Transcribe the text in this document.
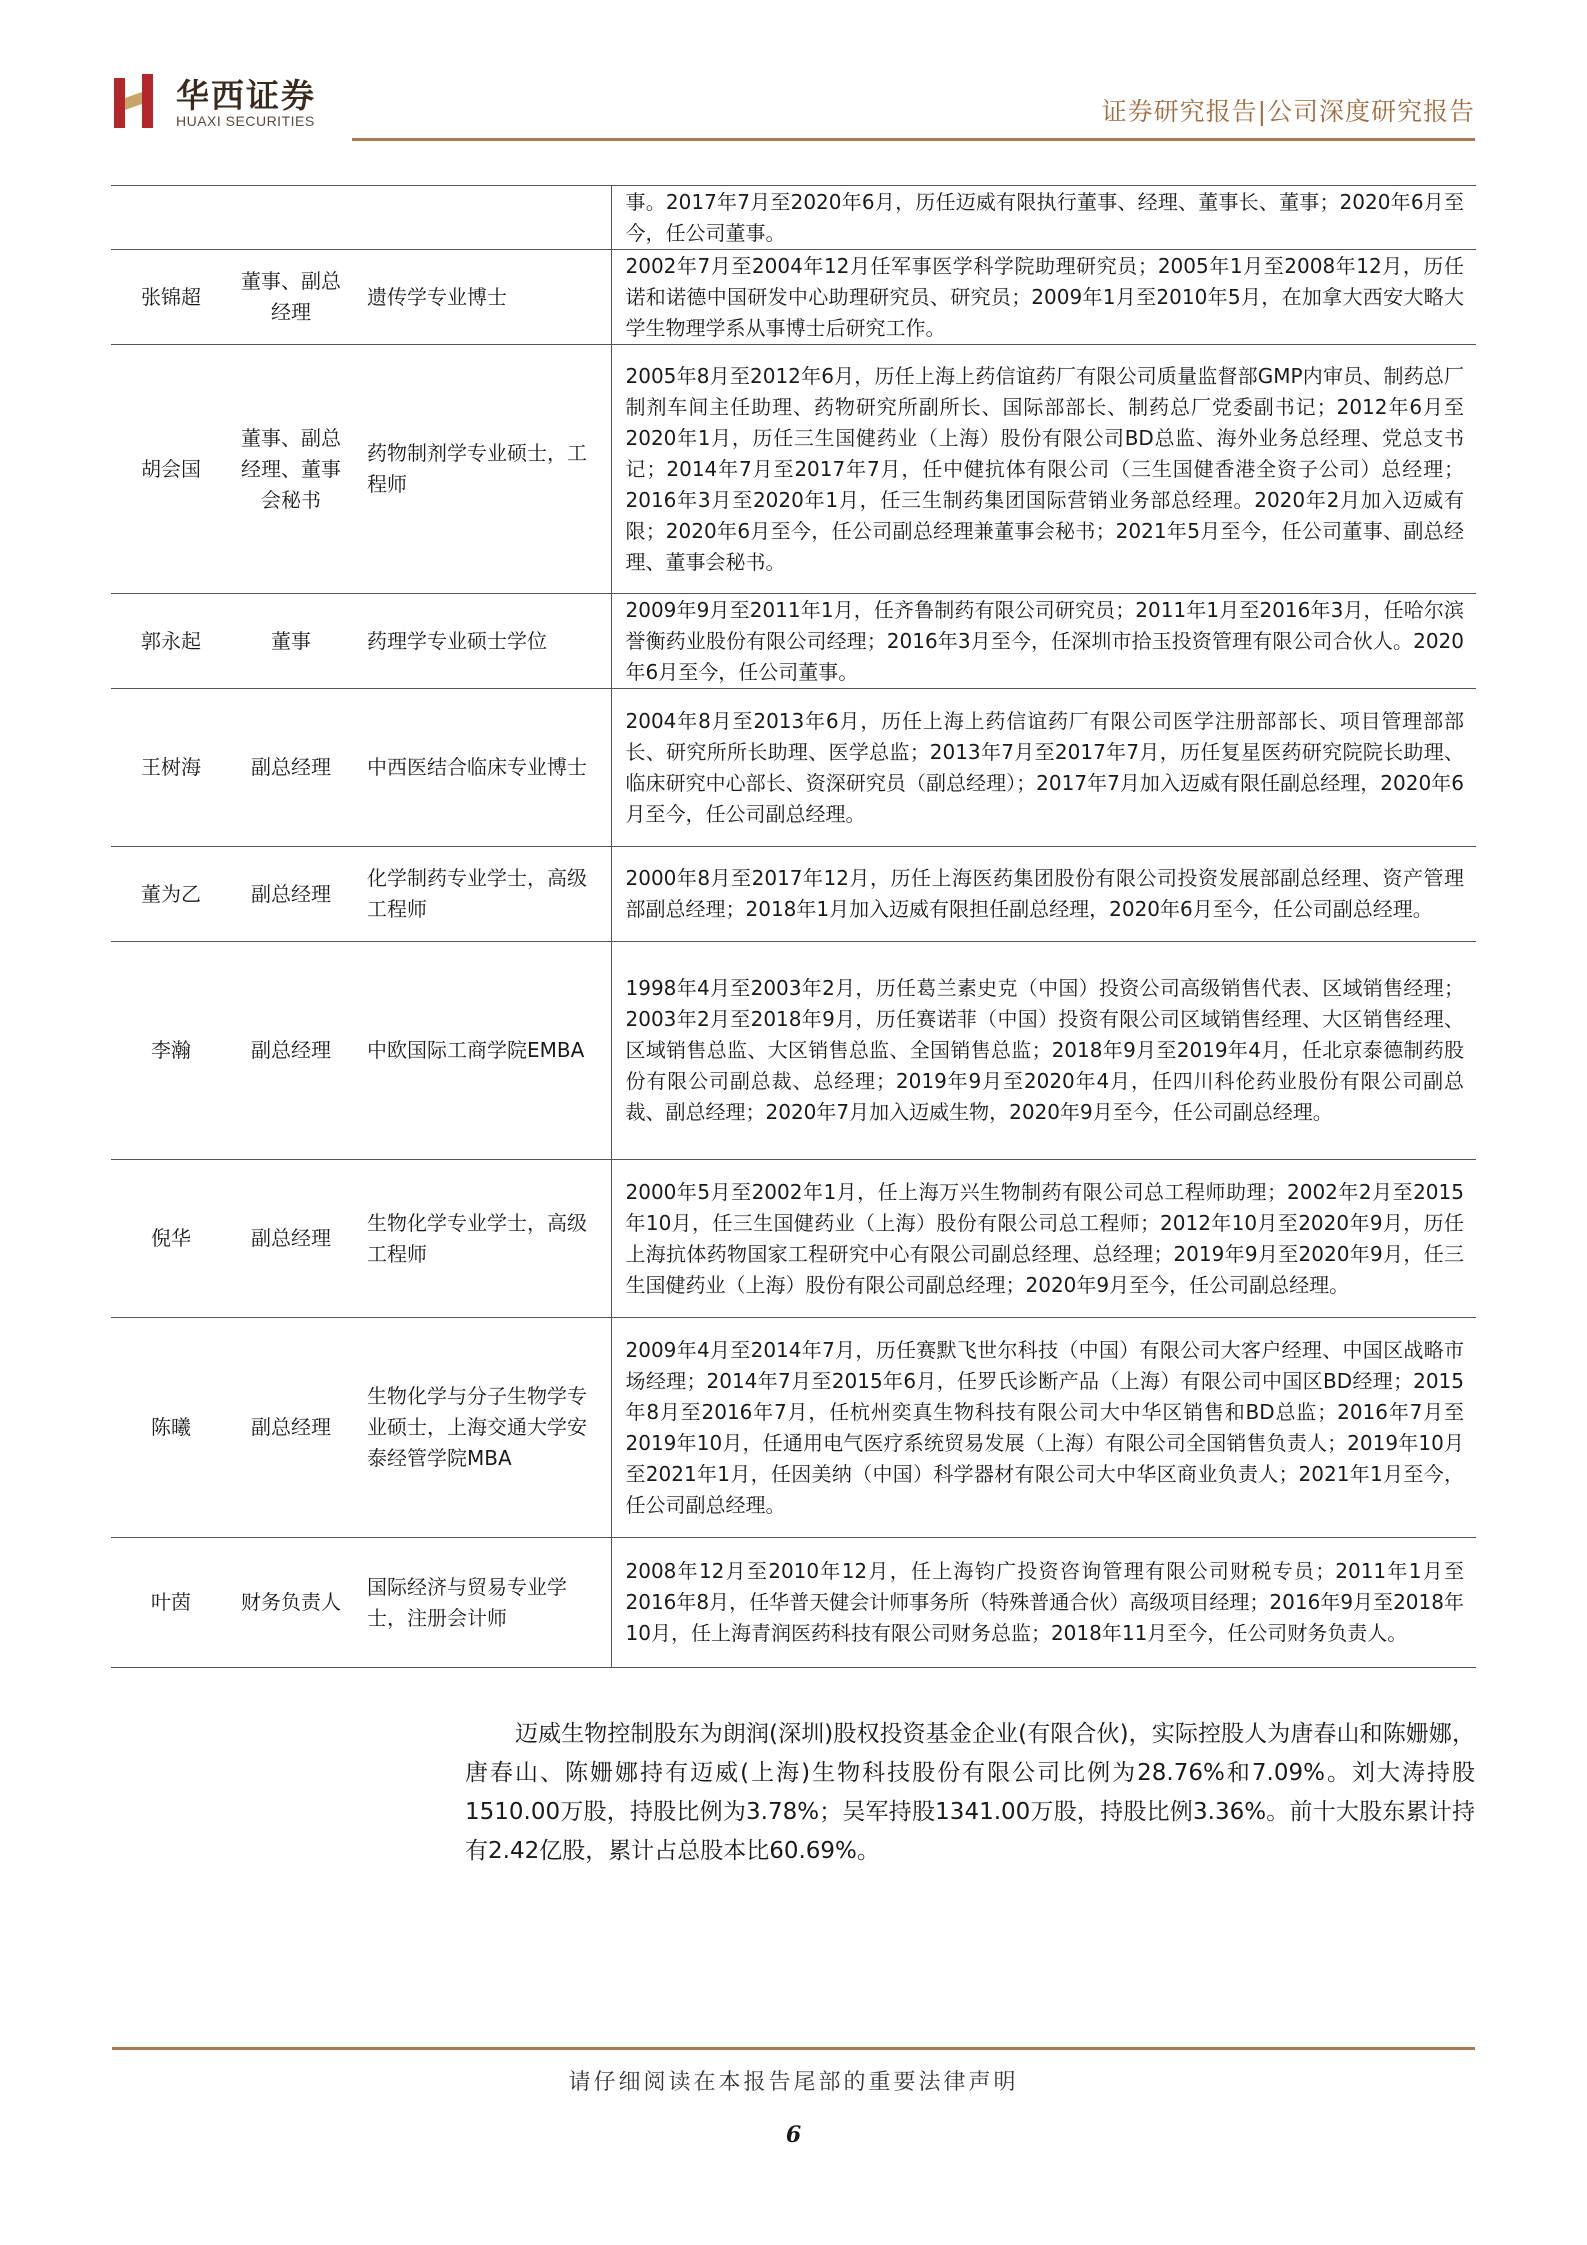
华西证券
HUAXI SECURITIES	证券研究报告|公司深度研究报告
			事。2017年7月至2020年6月，历任迈威有限执行董事、经理、董事长、董事；2020年6月至今，任公司董事。
张锦超	董事、副总经理	遗传学专业博士	2002年7月至2004年12月任军事医学科学院助理研究员；2005年1月至2008年12月，历任诺和诺德中国研发中心助理研究员、研究员；2009年1月至2010年5月，在加拿大西安大略大学生物理学系从事博士后研究工作。
胡会国	董事、副总经理、董事会秘书	药物制剂学专业硕士，工程师	2005年8月至2012年6月，历任上海上药信谊药厂有限公司质量监督部GMP内审员、制药总厂制剂车间主任助理、药物研究所副所长、国际部部长、制药总厂党委副书记；2012年6月至2020年1月，历任三生国健药业（上海）股份有限公司BD总监、海外业务总经理、党总支书记；2014年7月至2017年7月，任中健抗体有限公司（三生国健香港全资子公司）总经理；2016年3月至2020年1月，任三生制药集团国际营销业务部总经理。2020年2月加入迈威有限；2020年6月至今，任公司副总经理兼董事会秘书；2021年5月至今，任公司董事、副总经理、董事会秘书。
郭永起	董事	药理学专业硕士学位	2009年9月至2011年1月，任齐鲁制药有限公司研究员；2011年1月至2016年3月，任哈尔滨誉衡药业股份有限公司经理；2016年3月至今，任深圳市拾玉投资管理有限公司合伙人。2020年6月至今，任公司董事。
王树海	副总经理	中西医结合临床专业博士	2004年8月至2013年6月，历任上海上药信谊药厂有限公司医学注册部部长、项目管理部部长、研究所所长助理、医学总监；2013年7月至2017年7月，历任复星医药研究院院长助理、临床研究中心部长、资深研究员（副总经理）；2017年7月加入迈威有限任副总经理，2020年6月至今，任公司副总经理。
董为乙	副总经理	化学制药专业学士，高级工程师	2000年8月至2017年12月，历任上海医药集团股份有限公司投资发展部副总经理、资产管理部副总经理；2018年1月加入迈威有限担任副总经理，2020年6月至今，任公司副总经理。
李瀚	副总经理	中欧国际工商学院EMBA	1998年4月至2003年2月，历任葛兰素史克（中国）投资公司高级销售代表、区域销售经理；2003年2月至2018年9月，历任赛诺菲（中国）投资有限公司区域销售经理、大区销售经理、区域销售总监、大区销售总监、全国销售总监；2018年9月至2019年4月，任北京泰德制药股份有限公司副总裁、总经理；2019年9月至2020年4月，任四川科伦药业股份有限公司副总裁、副总经理；2020年7月加入迈威生物，2020年9月至今，任公司副总经理。
倪华	副总经理	生物化学专业学士，高级工程师	2000年5月至2002年1月，任上海万兴生物制药有限公司总工程师助理；2002年2月至2015年10月，任三生国健药业（上海）股份有限公司总工程师；2012年10月至2020年9月，历任上海抗体药物国家工程研究中心有限公司副总经理、总经理；2019年9月至2020年9月，任三生国健药业（上海）股份有限公司副总经理；2020年9月至今，任公司副总经理。
陈曦	副总经理	生物化学与分子生物学专业硕士，上海交通大学安泰经管学院MBA	2009年4月至2014年7月，历任赛默飞世尔科技（中国）有限公司大客户经理、中国区战略市场经理；2014年7月至2015年6月，任罗氏诊断产品（上海）有限公司中国区BD经理；2015年8月至2016年7月，任杭州奕真生物科技有限公司大中华区销售和BD总监；2016年7月至2019年10月，任通用电气医疗系统贸易发展（上海）有限公司全国销售负责人；2019年10月至2021年1月，任因美纳（中国）科学器材有限公司大中华区商业负责人；2021年1月至今，任公司副总经理。
叶茵	财务负责人	国际经济与贸易专业学士，注册会计师	2008年12月至2010年12月，任上海钧广投资咨询管理有限公司财税专员；2011年1月至2016年8月，任华普天健会计师事务所（特殊普通合伙）高级项目经理；2016年9月至2018年10月，任上海青润医药科技有限公司财务总监；2018年11月至今，任公司财务负责人。
迈威生物控制股东为朗润(深圳)股权投资基金企业(有限合伙)，实际控股人为唐春山和陈姗娜，唐春山、陈姗娜持有迈威(上海)生物科技股份有限公司比例为28.76%和7.09%。刘大涛持股1510.00万股，持股比例为3.78%；吴军持股1341.00万股，持股比例3.36%。前十大股东累计持有2.42亿股，累计占总股本比60.69%。
请仔细阅读在本报告尾部的重要法律声明
6
